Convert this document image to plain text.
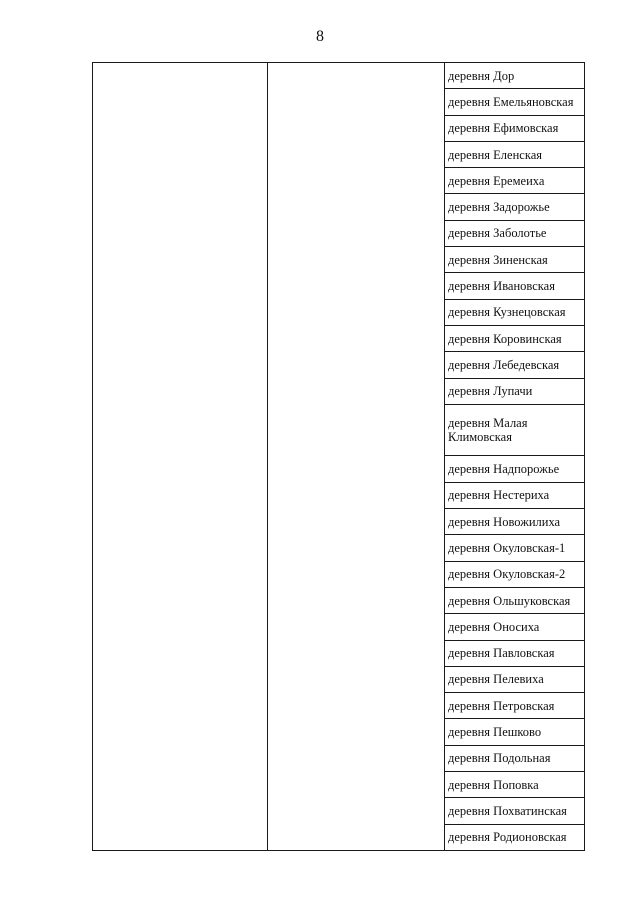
8
деревня Дор
деревня Емельяновская
деревня Ефимовская
деревня Еленская
деревня Еремеиха
деревня Задорожье
деревня Заболотье
деревня Зиненская
деревня Ивановская
деревня Кузнецовская
деревня Коровинская
деревня Лебедевская
деревня Лупачи
деревня Малая Климовская
деревня Надпорожье
деревня Нестериха
деревня Новожилиха
деревня Окуловская-1
деревня Окуловская-2
деревня Ольшуковская
деревня Оносиха
деревня Павловская
деревня Пелевиха
деревня Петровская
деревня Пешково
деревня Подольная
деревня Поповка
деревня Похватинская
деревня Родионовская
